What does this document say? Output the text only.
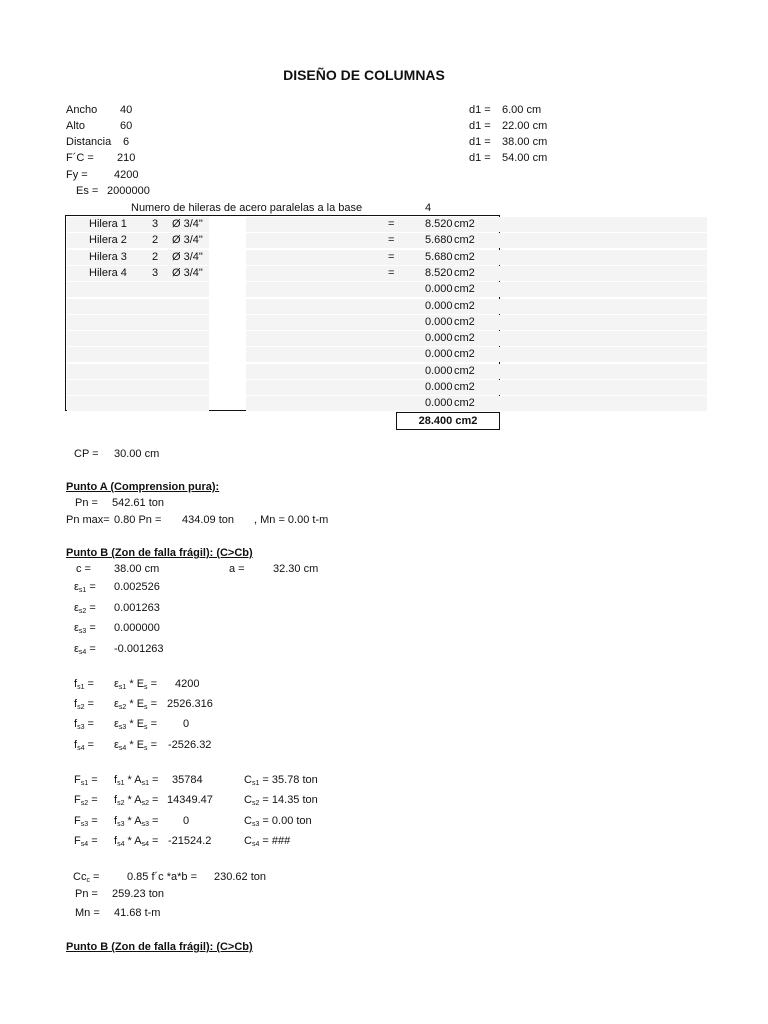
DISEÑO DE COLUMNAS
Ancho 40
Alto	60
Distancia 6
F´C = 210
Fy = 4200
Es = 2000000
d1 = 6.00 cm
d1 = 22.00 cm
d1 = 38.00 cm
d1 = 54.00 cm
Numero de hileras de acero paralelas a la base	4
Hilera 1 3 Ø 3/4"	=	8.520 cm2
Hilera 2 2 Ø 3/4"	=	5.680 cm2
Hilera 3 2 Ø 3/4"	=	5.680 cm2
Hilera 4 3 Ø 3/4"	=	8.520 cm2
0.000 cm2
0.000 cm2
0.000 cm2
0.000 cm2
0.000 cm2
0.000 cm2
0.000 cm2
0.000 cm2
28.400 cm2
CP = 30.00 cm
Punto A (Comprension pura):
Pn = 542.61 ton
Pn max= 0.80 Pn = 434.09 ton , Mn = 0.00 t-m
Punto B (Zon de falla frágil): (C>Cb)
c = 38.00 cm	a =	32.30 cm
$\varepsilon_{s1} = 0.002526$
$\varepsilon_{s2} = 0.001263$
$\varepsilon_{s3} = 0.000000$
$\varepsilon_{s4} = -0.001263$
$f_{s1} = \varepsilon_{s1} * E_s = 4200$
$f_{s2} = \varepsilon_{s2} * E_s = 2526.316$
$f_{s3} = \varepsilon_{s3} * E_s = 0$
$f_{s4} = \varepsilon_{s4} * E_s = -2526.32$
$F_{s1} = f_{s1} * A_{s1} = 35784$	$C_{s1} = 35.78$ ton
$F_{s2} = f_{s2} * A_{s2} = 14349.47$	$C_{s2} = 14.35$ ton
$F_{s3} = f_{s3} * A_{s3} = 0$	$C_{s3} = 0.00$ ton
$F_{s4} = f_{s4} * A_{s4} = -21524.2$	$C_{s4}$ = ###
$Cc_c$ =	0.85 f´c *a*b = 230.62 ton
Pn = 259.23 ton
Mn = 41.68 t-m
Punto B (Zon de falla frágil): (C>Cb)
